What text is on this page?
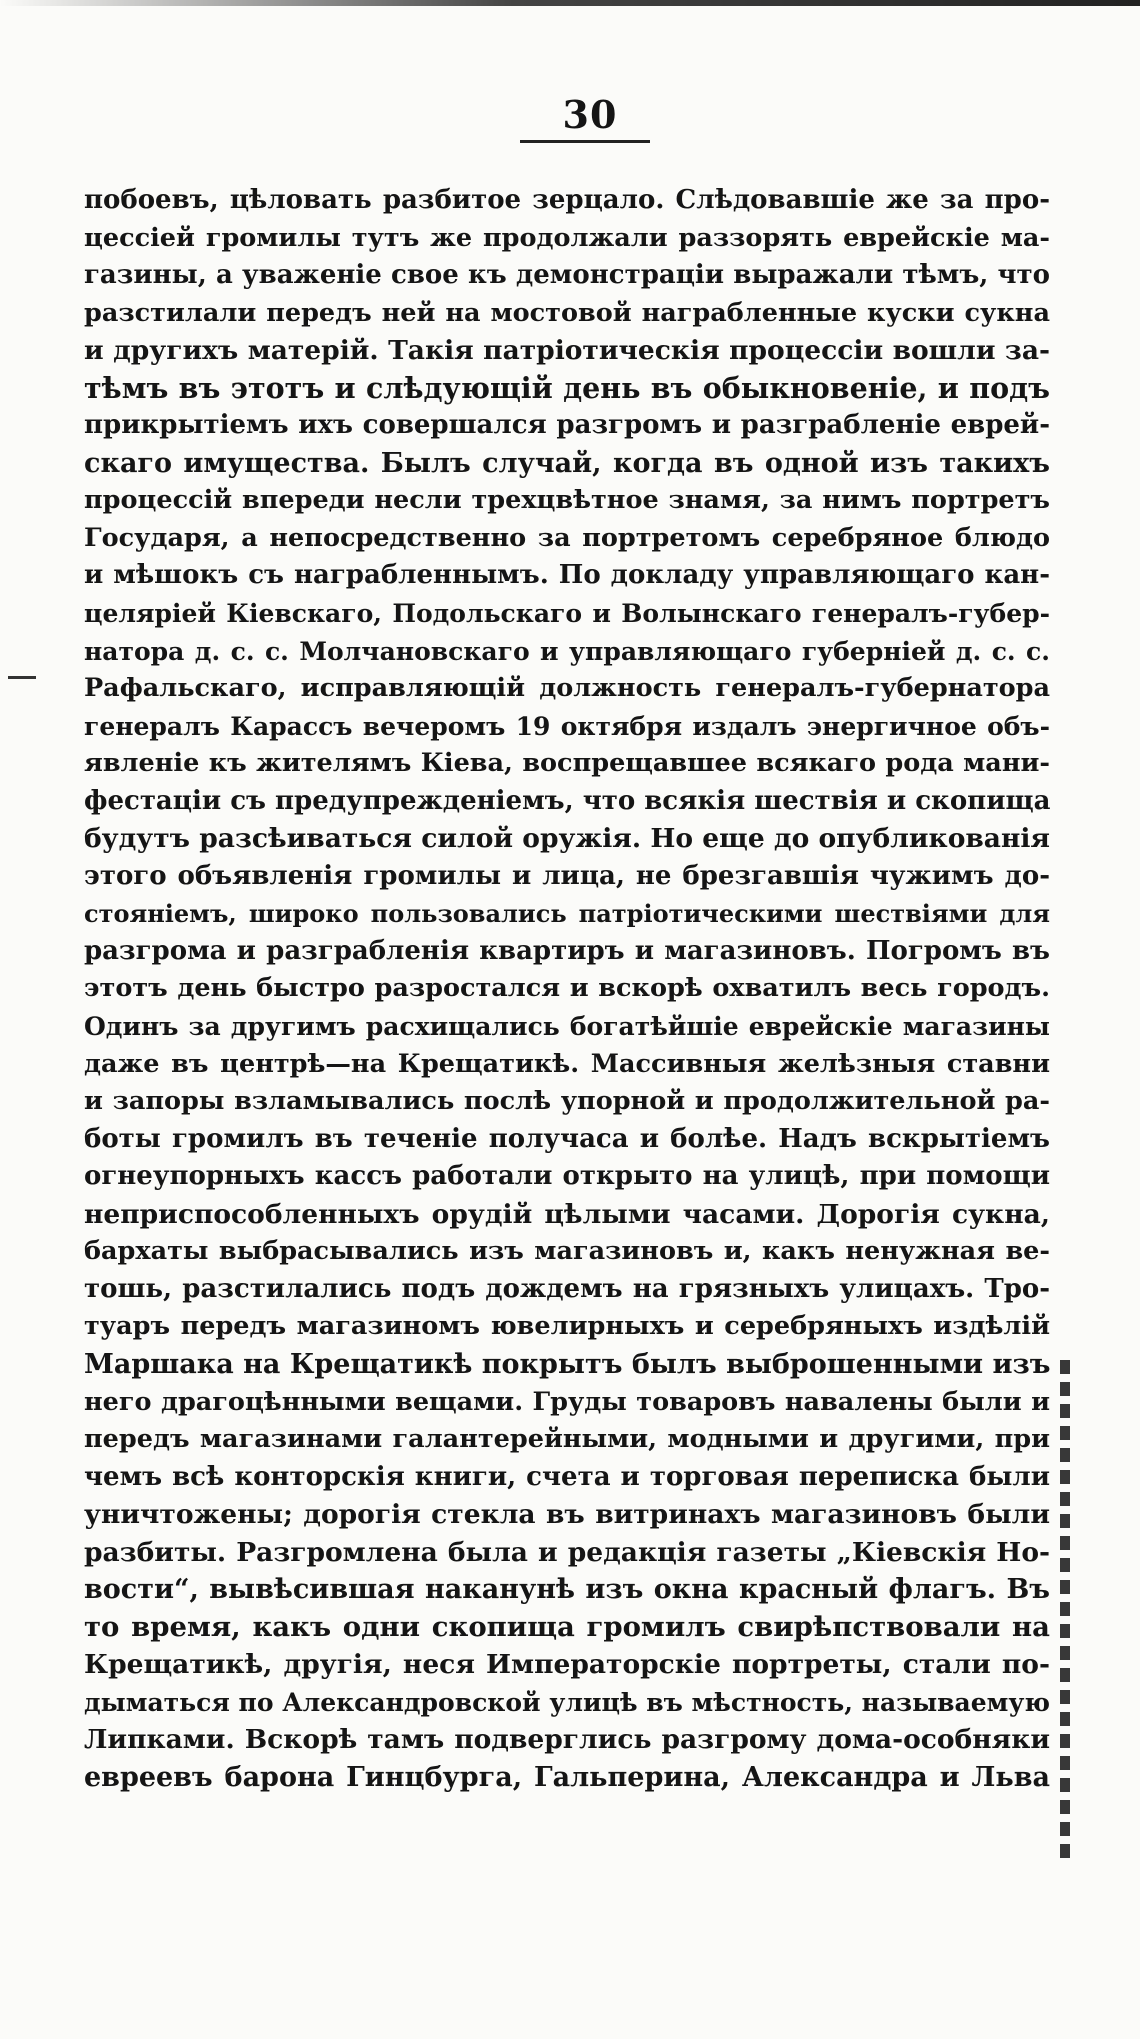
30
побоевъ, цѣловать разбитое зерцало. Слѣдовавшіе же за про-
цессіей громилы тутъ же продолжали раззорять еврейскіе ма-
газины, а уваженіе свое къ демонстраціи выражали тѣмъ, что
разстилали передъ ней на мостовой награбленные куски сукна
и другихъ матерій. Такія патріотическія процессіи вошли за-
тѣмъ въ этотъ и слѣдующій день въ обыкновеніе, и подъ
прикрытіемъ ихъ совершался разгромъ и разграбленіе еврей-
скаго имущества. Былъ случай, когда въ одной изъ такихъ
процессій впереди несли трехцвѣтное знамя, за нимъ портретъ
Государя, а непосредственно за портретомъ серебряное блюдо
и мѣшокъ съ награбленнымъ. По докладу управляющаго кан-
целяріей Кіевскаго, Подольскаго и Волынскаго генералъ-губер-
натора д. с. с. Молчановскаго и управляющаго губерніей д. с. с.
Рафальскаго, исправляющій должность генералъ-губернатора
генералъ Карассъ вечеромъ 19 октября издалъ энергичное объ-
явленіе къ жителямъ Кіева, воспрещавшее всякаго рода мани-
фестаціи съ предупрежденіемъ, что всякія шествія и скопища
будутъ разсѣиваться силой оружія. Но еще до опубликованія
этого объявленія громилы и лица, не брезгавшія чужимъ до-
стояніемъ, широко пользовались патріотическими шествіями для
разгрома и разграбленія квартиръ и магазиновъ. Погромъ въ
этотъ день быстро разростался и вскорѣ охватилъ весь городъ.
Одинъ за другимъ расхищались богатѣйшіе еврейскіе магазины
даже въ центрѣ—на Крещатикѣ. Массивныя желѣзныя ставни
и запоры взламывались послѣ упорной и продолжительной ра-
боты громилъ въ теченіе получаса и болѣе. Надъ вскрытіемъ
огнеупорныхъ кассъ работали открыто на улицѣ, при помощи
неприспособленныхъ орудій цѣлыми часами. Дорогія сукна,
бархаты выбрасывались изъ магазиновъ и, какъ ненужная ве-
тошь, разстилались подъ дождемъ на грязныхъ улицахъ. Тро-
туаръ передъ магазиномъ ювелирныхъ и серебряныхъ издѣлій
Маршака на Крещатикѣ покрытъ былъ выброшенными изъ
него драгоцѣнными вещами. Груды товаровъ навалены были и
передъ магазинами галантерейными, модными и другими, при
чемъ всѣ конторскія книги, счета и торговая переписка были
уничтожены; дорогія стекла въ витринахъ магазиновъ были
разбиты. Разгромлена была и редакція газеты „Кіевскія Но-
вости“, вывѣсившая наканунѣ изъ окна красный флагъ. Въ
то время, какъ одни скопища громилъ свирѣпствовали на
Крещатикѣ, другія, неся Императорскіе портреты, стали по-
дыматься по Александровской улицѣ въ мѣстность, называемую
Липками. Вскорѣ тамъ подверглись разгрому дома-особняки
евреевъ барона Гинцбурга, Гальперина, Александра и Льва
